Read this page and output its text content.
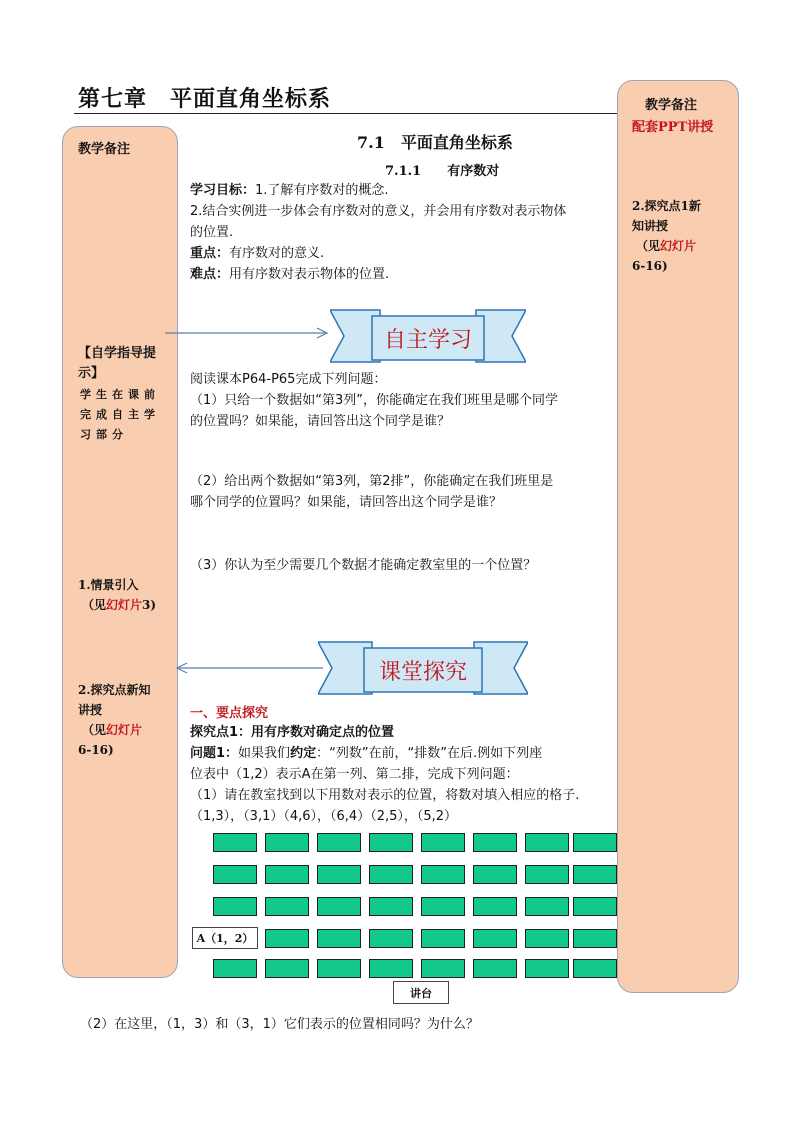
第七章　平面直角坐标系
教学备注
【自学指导提示】
学生在课前完成自主学习部分
1.情景引入
（见幻灯片3)
2.探究点新知
讲授
（见幻灯片
6-16)
教学备注
配套PPT讲授
2.探究点1新
知讲授
（见幻灯片
6-16)
7.1　平面直角坐标系
7.1.1　　有序数对
学习目标：1.了解有序数对的概念.
2.结合实例进一步体会有序数对的意义，并会用有序数对表示物体
的位置.
重点：有序数对的意义.
难点：用有序数对表示物体的位置.
自主学习
阅读课本P64-P65完成下列问题：
（1）只给一个数据如“第3列”，你能确定在我们班里是哪个同学
的位置吗？如果能，请回答出这个同学是谁？
（2）给出两个数据如“第3列，第2排”，你能确定在我们班里是
哪个同学的位置吗？如果能，请回答出这个同学是谁？
（3）你认为至少需要几个数据才能确定教室里的一个位置？
课堂探究
一、要点探究
探究点1：用有序数对确定点的位置
问题1：如果我们约定：“列数”在前，“排数”在后.例如下列座
位表中（1,2）表示A在第一列、第二排，完成下列问题：
（1）请在教室找到以下用数对表示的位置，将数对填入相应的格子.
（1,3），（3,1）（4,6），（6,4）（2,5），（5,2）
A（1，2）
讲台
（2）在这里，（1，3）和（3，1）它们表示的位置相同吗？为什么？
